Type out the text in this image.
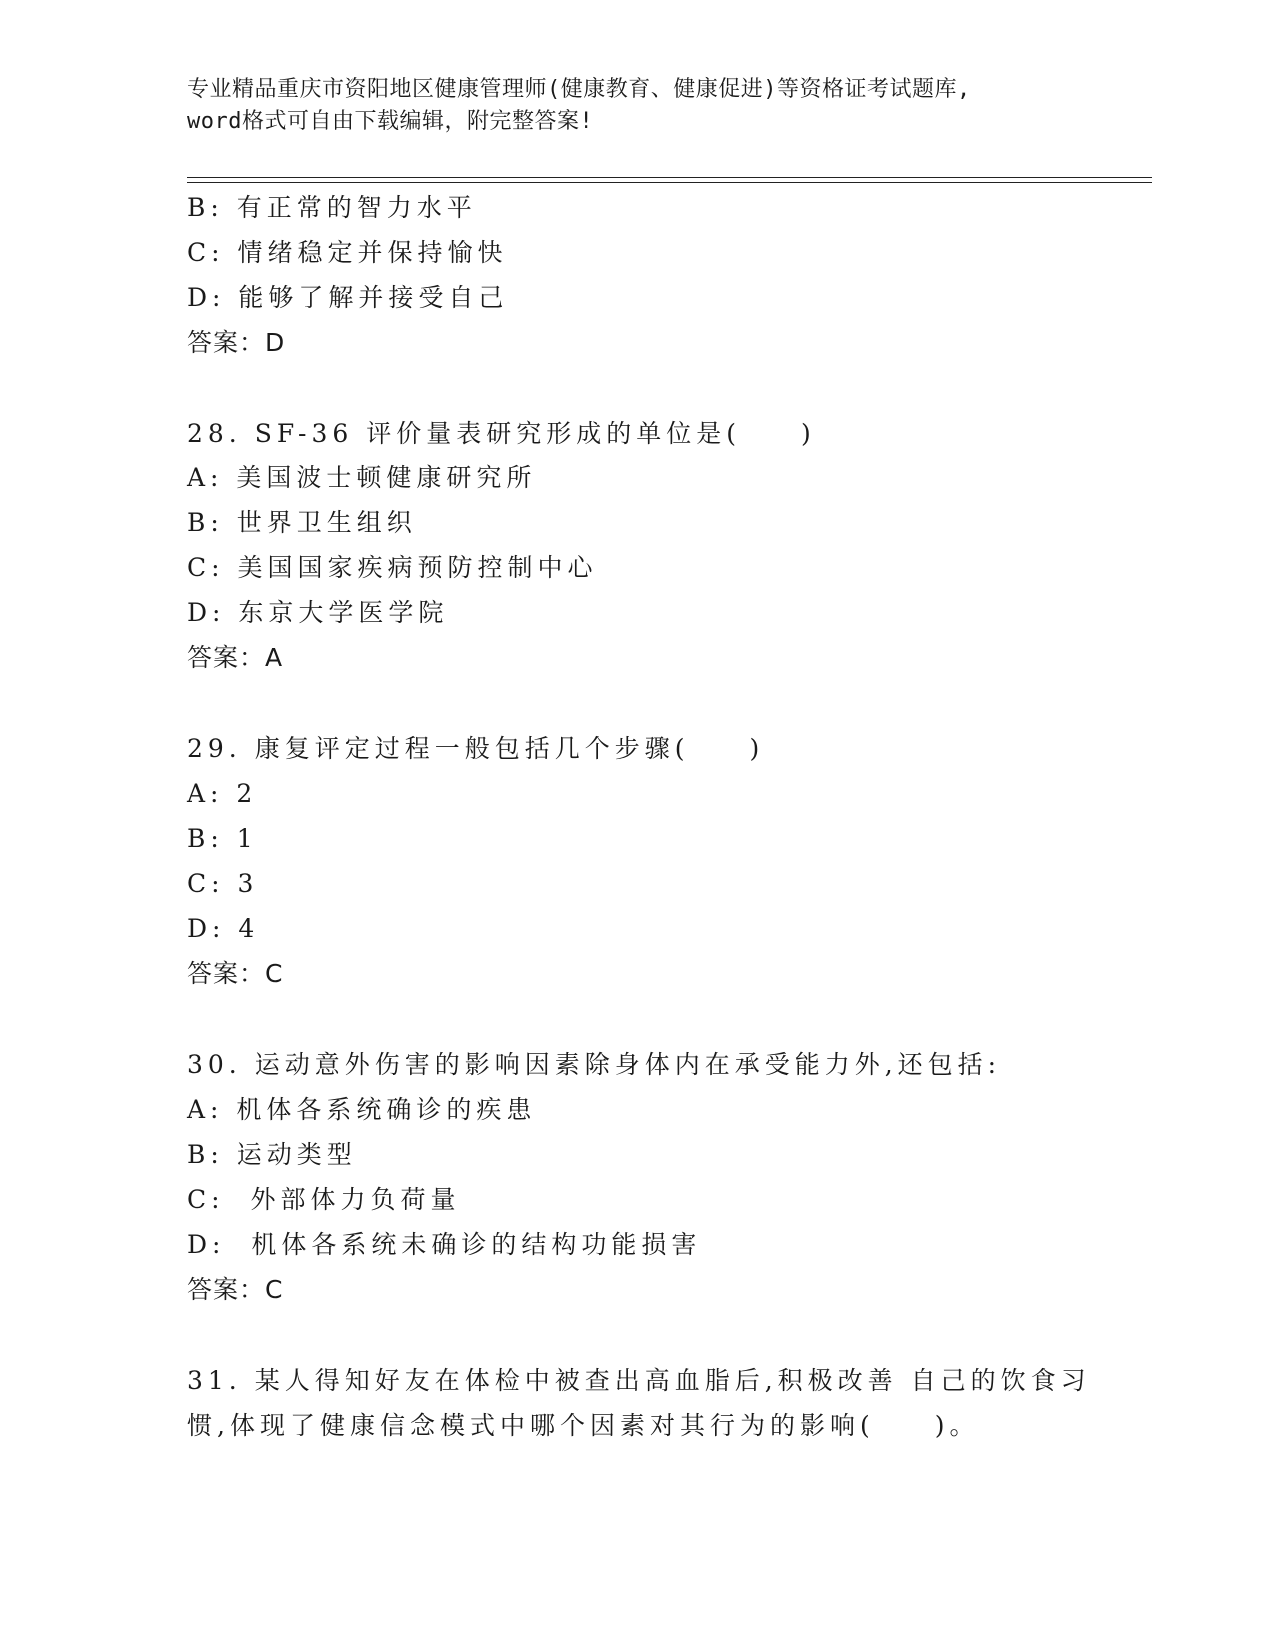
专业精品重庆市资阳地区健康管理师(健康教育、健康促进)等资格证考试题库,
word格式可自由下载编辑，附完整答案!
B: 有正常的智力水平
C: 情绪稳定并保持愉快
D: 能够了解并接受自己
答案：D
28. SF-36 评价量表研究形成的单位是(　　)
A: 美国波士顿健康研究所
B: 世界卫生组织
C: 美国国家疾病预防控制中心
D: 东京大学医学院
答案：A
29. 康复评定过程一般包括几个步骤(　　)
A: 2
B: 1
C: 3
D: 4
答案：C
30. 运动意外伤害的影响因素除身体内在承受能力外,还包括:
A: 机体各系统确诊的疾患
B: 运动类型
C:  外部体力负荷量
D:  机体各系统未确诊的结构功能损害
答案：C
31. 某人得知好友在体检中被查出高血脂后,积极改善 自己的饮食习
惯,体现了健康信念模式中哪个因素对其行为的影响(　　)。
